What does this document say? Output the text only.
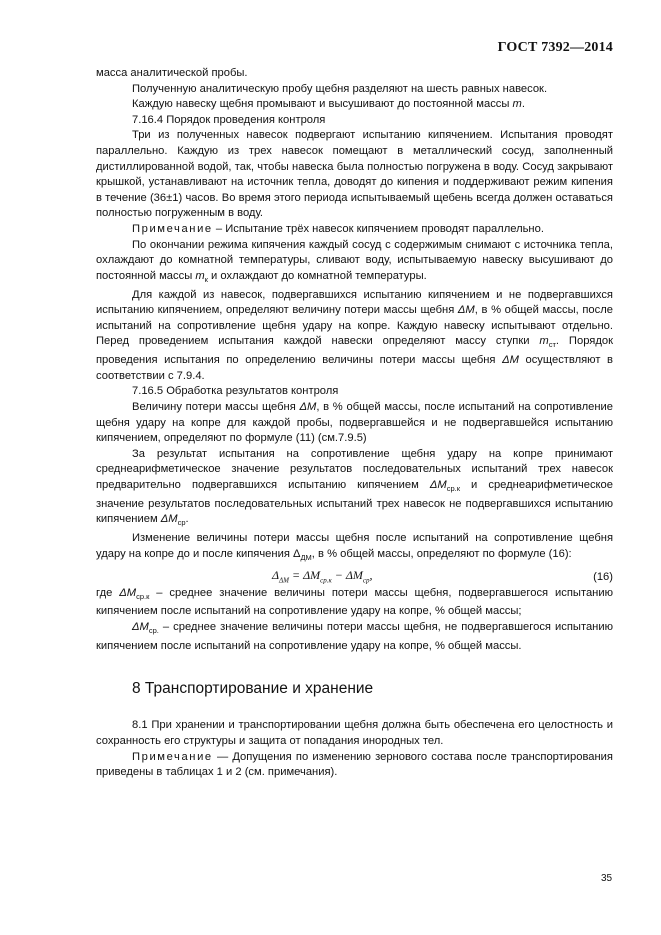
ГОСТ 7392—2014

масса аналитической пробы.

Полученную аналитическую пробу щебня разделяют на шесть равных навесок.

Каждую навеску щебня промывают и высушивают до постоянной массы m.

7.16.4 Порядок проведения контроля

Три из полученных навесок подвергают испытанию кипячением. Испытания проводят параллельно. Каждую из трех навесок помещают в металлический сосуд, заполненный дистиллированной водой, так, чтобы навеска была полностью погружена в воду. Сосуд закрывают крышкой, устанавливают на источник тепла, доводят до кипения и поддерживают режим кипения в течение (36±1) часов. Во время этого периода испытываемый щебень всегда должен оставаться полностью погруженным в воду.

Примечание – Испытание трёх навесок кипячением проводят параллельно.

По окончании режима кипячения каждый сосуд с содержимым снимают с источника тепла, охлаждают до комнатной температуры, сливают воду, испытываемую навеску высушивают до постоянной массы $m_к$ и охлаждают до комнатной температуры.

Для каждой из навесок, подвергавшихся испытанию кипячением и не подвергавшихся испытанию кипячением, определяют величину потери массы щебня ΔМ, в % общей массы, после испытаний на сопротивление щебня удару на копре. Каждую навеску испытывают отдельно. Перед проведением испытания каждой навески определяют массу ступки $m_{ст}$. Порядок проведения испытания по определению величины потери массы щебня ΔМ осуществляют в соответствии с 7.9.4.

7.16.5 Обработка результатов контроля

Величину потери массы щебня ΔМ, в % общей массы, после испытаний на сопротивление щебня удару на копре для каждой пробы, подвергавшейся и не подвергавшейся испытанию кипячением, определяют по формуле (11) (см.7.9.5)

За результат испытания на сопротивление щебня удару на копре принимают среднеарифметическое значение результатов последовательных испытаний трех навесок предварительно подвергавшихся испытанию кипячением $\Delta М_{ср.к}$ и среднеарифметическое значение результатов последовательных испытаний трех навесок не подвергавшихся испытанию кипячением $\Delta М_{ср}$.

Изменение величины потери массы щебня после испытаний на сопротивление щебня удару на копре до и после кипячения $\Delta_{ДМ}$, в % общей массы, определяют по формуле (16):

$\Delta_{\Delta М} = \Delta M_{ср.к} - \Delta M_{ср}$,	(16)

где $\Delta М_{ср.к}$ – среднее значение величины потери массы щебня, подвергавшегося испытанию кипячением после испытаний на сопротивление удару на копре, % общей массы;

$\Delta М_{ср.}$ – среднее значение величины потери массы щебня, не подвергавшегося испытанию кипячением после испытаний на сопротивление удару на копре, % общей массы.

8 Транспортирование и хранение

8.1 При хранении и транспортировании щебня должна быть обеспечена его целостность и сохранность его структуры и защита от попадания инородных тел.

Примечание — Допущения по изменению зернового состава после транспортирования приведены в таблицах 1 и 2 (см. примечания).

35
